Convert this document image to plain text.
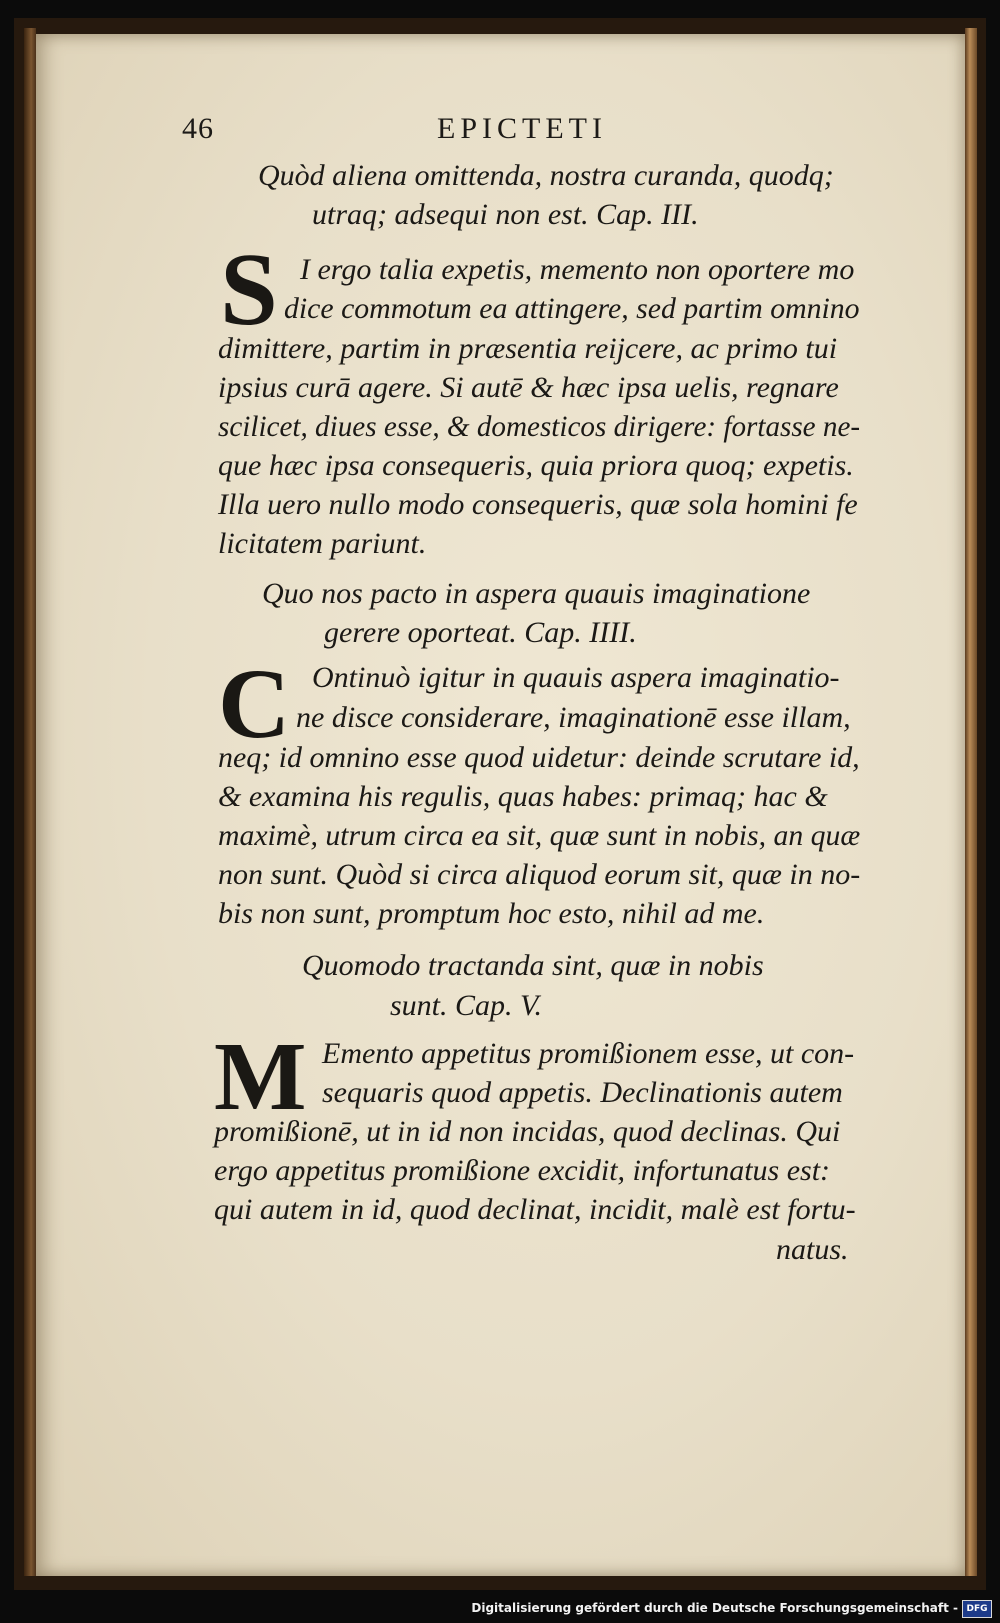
46	EPICTETI
Quòd aliena omittenda, nostra curanda, quodq;
utraq; adsequi non est. Cap. III.
S I ergo talia expetis, memento non oportere mo
dice commotum ea attingere, sed partim omnino
dimittere, partim in præsentia reijcere, ac primo tui
ipsius curā agere. Si autē & hæc ipsa uelis, regnare
scilicet, diues esse, & domesticos dirigere: fortasse ne-
que hæc ipsa consequeris, quia priora quoq; expetis.
Illa uero nullo modo consequeris, quæ sola homini fe
licitatem pariunt.
Quo nos pacto in aspera quauis imaginatione
gerere oporteat. Cap. IIII.
C Ontinuò igitur in quauis aspera imaginatio-
ne disce considerare, imaginationē esse illam,
neq; id omnino esse quod uidetur: deinde scrutare id,
& examina his regulis, quas habes: primaq; hac &
maximè, utrum circa ea sit, quæ sunt in nobis, an quæ
non sunt. Quòd si circa aliquod eorum sit, quæ in no-
bis non sunt, promptum hoc esto, nihil ad me.
Quomodo tractanda sint, quæ in nobis
sunt. Cap. V.
M Emento appetitus promißionem esse, ut con-
sequaris quod appetis. Declinationis autem
promißionē, ut in id non incidas, quod declinas. Qui
ergo appetitus promißione excidit, infortunatus est:
qui autem in id, quod declinat, incidit, malè est fortu-
natus.
Digitalisierung gefördert durch die Deutsche Forschungsgemeinschaft - DFG
